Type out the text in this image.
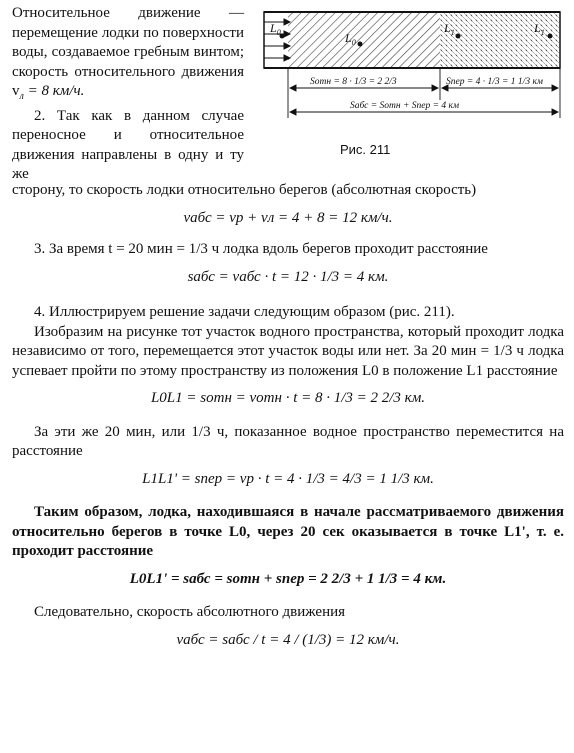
Относительное движение — перемещение лодки по поверхности воды, создаваемое гребным винтом; скорость относительного движения $v_л = 8$ км/ч.

2. Так как в данном случае переносное и относительное движения направлены в одну и ту же

$L_0$	$L_0$
$L_1$	$L_1$
Sотн = 8 · 1/3 = 2 2/3	Sпер = 4 · 1/3 = 1 1/3 км
Sабс = Sотн + Sпер = 4 км
Рис. 211

сторону, то скорость лодки относительно берегов (абсолютная скорость)

vабс = vр + vл = 4 + 8 = 12 км/ч.

3. За время t = 20 мин = 1/3 ч лодка вдоль берегов проходит расстояние

sабс = vабс · t = 12 · 1/3 = 4 км.

4. Иллюстрируем решение задачи следующим образом (рис. 211).

Изобразим на рисунке тот участок водного пространства, который проходит лодка независимо от того, перемещается этот участок воды или нет. За 20 мин = 1/3 ч лодка успевает пройти по этому пространству из положения L0 в положение L1 расстояние

L0L1 = sотн = vотн · t = 8 · 1/3 = 2 2/3 км.

За эти же 20 мин, или 1/3 ч, показанное водное пространство переместится на расстояние

L1L1' = sпер = vр · t = 4 · 1/3 = 4/3 = 1 1/3 км.

Таким образом, лодка, находившаяся в начале рассматриваемого движения относительно берегов в точке L0, через 20 сек оказывается в точке L1', т. е. проходит расстояние

L0L1' = sабс = sотн + sпер = 2 2/3 + 1 1/3 = 4 км.

Следовательно, скорость абсолютного движения

vабс = sабс / t = 4 / (1/3) = 12 км/ч.
